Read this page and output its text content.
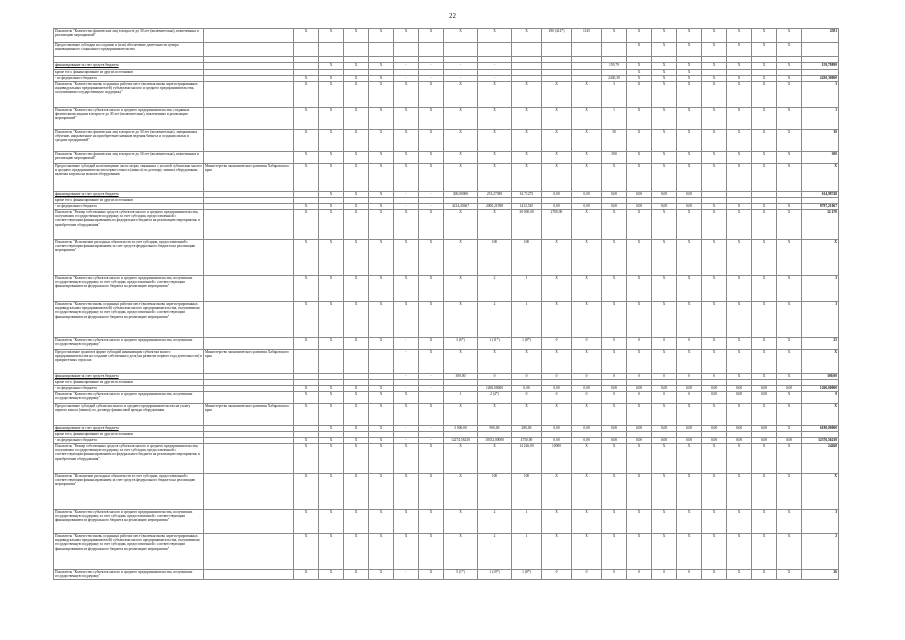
22
Показатель "Количество физических лиц в возрасте до 30 лет (включительно), вовлеченных в реализацию мероприятий"		X	X	X	X	X	X	X	X	X	290 (414*)	1145	X	X	X	X	X	X	X	X	2581
Предоставление субсидии на создание и (или) обеспечение деятельности центра инновационного социального предпринимательства														X	X	X	X	X	X	X	

финансирование за счет средств бюджета			X	X	X	-	-	-	-				159,79	X	X	X	X	X	X	X	159,79899
кроме того, финансирование из других источников														X	X	X					
- из федерального бюджета		X	X	X	X	-	-	-	-				2430,39	X	X	X	X	X	X	X	2430,30000
Показатель "Количество вновь созданных рабочих мест (включая вновь зарегистрированных индивидуальных предпринимателей) субъектами малого и среднего предпринимательства, получившими государственную поддержку"		X	X	X	X	X	X	X	X	X	X	X	3	X	X	X	X	X	X	X	3
Показатель "Количество субъектов малого и среднего предпринимательства, созданных физическими лицами в возрасте до 30 лет (включительно), вовлеченных в реализацию мероприятий"		X	X	X	X	X	X	X	X	X	X	X	1	X	X	X	X	X	X	X	1
Показатель "Количество физических лиц в возрасте до 30 лет (включительно), завершивших обучение, направленное на приобретение навыков ведения бизнеса и создания малых и средних предприятий"		X	X	X	X	X	X	X	X	X	X	X	30	X	X	X	X	X	X	X	30
Показатель "Количество физических лиц в возрасте до 30 лет (включительно), вовлеченных в реализацию мероприятий"		X	X	X	X	X	X	X	X	X	X	X	300	X	X	X	X	X	X	X	300
Предоставление субсидий на возмещение части затрат, связанных с уплатой субъектами малого и среднего предпринимательства первого взноса (аванса) по договору лизинга оборудования, включая затраты на монтаж оборудования	Министерство экономического развития Хабаровского края	X	X	X	X	X	X	X	X	X	X	X	X	X	X	X	X	X	X	X	X
финансирование за счет средств бюджета			X	X	X	-	-	300,00000	253,27389	61,71275	0,00	0,00	0,00	0,00	0,00	0,00					614,98748
кроме того, финансирование из других источников																					
- из федерального бюджета		X	X	X	X	-	-	4214,45667	2000,21098	1412,545	0,00	0,00	0,00	0,00	0,00	0,00	X	X	X	X	8797,21067
Показатель "Размер собственных средств субъектов малого и среднего предпринимательства, получивших государственную поддержку за счет субсидии, предоставленной с соответствующим финансированием из федерального бюджета на реализацию мероприятия, в приобретение оборудования"		X	X	X	X	X	X	X	X	30 000,00	2700,00	X	X	X	X	X	X	X	X	X	32 470
Показатель "Исполнение расходных обязательств за счет субсидии, предоставленной с соответствующим финансированием за счет средств федерального бюджета на реализацию мероприятия"		X	X	X	X	X	X	X	100	100	X	X	X	X	X	X	X	X	X	X	X
Показатель "Количество субъектов малого и среднего предпринимательства, получивших государственную поддержку за счет субсидии, предоставленной с соответствующим финансированием из федерального бюджета на реализацию мероприятия"		X	X	X	X	X	X	X	2	1	X	X	X	X	X	X	X	X	X	X	3
Показатель "Количество вновь созданных рабочих мест (включая вновь зарегистрированных индивидуальных предпринимателей) субъектами малого предпринимательства, получившими государственную поддержку за счет субсидии, предоставленной с соответствующим финансированием из федерального бюджета на реализацию мероприятия"		X	X	X	X	X	X	X	2	1	X	X	X	X	X	X	X	X	X	X	3
Показатель "Количество субъектов малого и среднего предпринимательства, получивших государственную поддержку"		X	X	X	X	-	X	3 (6*)	1 (11*)	1 (8*)	0	0	0	0	0	0	X	X	X	X	25
Предоставление грантов в форме субсидий начинающим субъектам малого предпринимательства на создание собственного дела (на развитие первого года деятельности) в приоритетных отраслях	Министерство экономического развития Хабаровского края					-	X	X	X	X	X	X	X	X	X	X	X	X	X	X	X
финансирование за счет средств бюджета						-	-	300,00	0	0	0	0	0	0	0	0	0	X	X	X	300,00
кроме того, финансирование из других источников																					
- из федерального бюджета		X	X	X	X	-	-		1260,00000	0,00	0,00	0,00	0,00	0,00	0,00	0,00	0,00	0,00	0,00	0,00	1260,00000
Показатель "Количество субъектов малого и среднего предпринимательства, получивших государственную поддержку"		X	X	X	X	X		1	2 (4*)	0	0	0	0	0	0	0	0,00	0,00	0,00	X	9
Предоставление субсидий субъектам малого и среднего предпринимательства на уплату первого взноса (аванса) по договору финансовой аренды оборудования	Министерство экономического развития Хабаровского края	X	X	X	X	X	X	X	X	X	X	X	X	X	X	X	X	X	X	X	X
финансирование за счет средств бюджета			X	X	X	-	-	5 000,00	900,00	280,00	0,00	0,00	0,00	0,00	0,00	0,00	0,00	0,00	0,00	X	6180,00000
кроме того, финансирование из других источников																					
- из федерального бюджета		X	X	X	X	-	-	12274,56230	10352,00000	4750,00	0,00	0,00	0,00	0,00	0,00	0,00	0,00	0,00	0,00	0,00	32376,56230
Показатель "Размер собственных средств субъектов малого и среднего предпринимательства, получивших государственную поддержку за счет субсидии, предоставленной с соответствующим финансированием из федерального бюджета на реализацию мероприятия, в приобретение оборудования"		X	X	X	X	X	X	X	X	14 226,00	10000	X	X	X	X	X	X	X	X	X	24268
Показатель "Исполнение расходных обязательств за счет субсидии, предоставленной с соответствующим финансированием за счет средств федерального бюджета на реализацию мероприятия"		X	X	X	X	X	X	X	100	100	X	X	X	X	X	X	X	X	X	X	X
Показатель "Количество субъектов малого и среднего предпринимательства, получивших государственную поддержку за счет субсидии, предоставленной с соответствующим финансированием из федерального бюджета на реализацию мероприятия"		X	X	X	X	X	X	X	2	1	X	X	X	X	X	X	X	X	X	X	3
Показатель "Количество вновь созданных рабочих мест (включая вновь зарегистрированных индивидуальных предпринимателей) субъектами малого предпринимательства, получившими государственную поддержку за счет субсидии, предоставленной с соответствующим финансированием из федерального бюджета на реализацию мероприятия"		X	X	X	X	X	X	X	2	1	X	X	X	X	X	X	X	X	X	X	2
Показатель "Количество субъектов малого и среднего предпринимательства, получивших государственную поддержку"		X	X	X	X	-	X	5 (1*)	1 (10*)	1 (8*)	0	0	0	0	0	0	X	X	X	X	26
